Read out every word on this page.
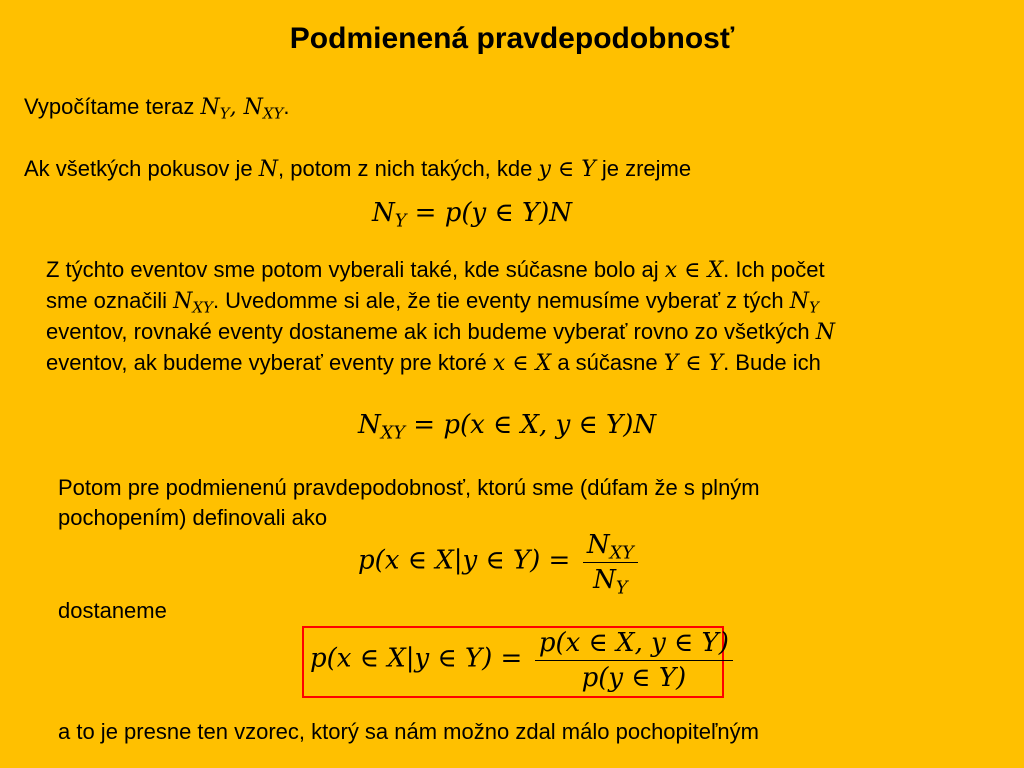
Podmienená pravdepodobnosť
Vypočítame teraz $N_Y$, $N_{XY}$.
Ak všetkých pokusov je N, potom z nich takých, kde y ∈ Y je zrejme
$N_Y = p(y$ ∈ Y)N
Z týchto eventov sme potom vyberali také, kde súčasne bolo aj x ∈ X. Ich počet
sme označili $N_{XY}$. Uvedomme si ale, že tie eventy nemusíme vyberať z tých $N_Y$
eventov, rovnaké eventy dostaneme ak ich budeme vyberať rovno zo všetkých N
eventov, ak budeme vyberať eventy pre ktoré x ∈ X a súčasne Y ∈ Y. Bude ich
$N_{XY} = p(x$ ∈ X, y ∈ Y)N
Potom pre podmienenú pravdepodobnosť, ktorú sme (dúfam že s plným
pochopením) definovali ako
p(x ∈ X|y ∈ $Y) = \frac{N_{XY}}{N_Y}$
dostaneme
p(x ∈ X|y ∈ $Y) = \frac{p(x \in X, y \in Y)}{p(y \in Y)}$
a to je presne ten vzorec, ktorý sa nám možno zdal málo pochopiteľným
